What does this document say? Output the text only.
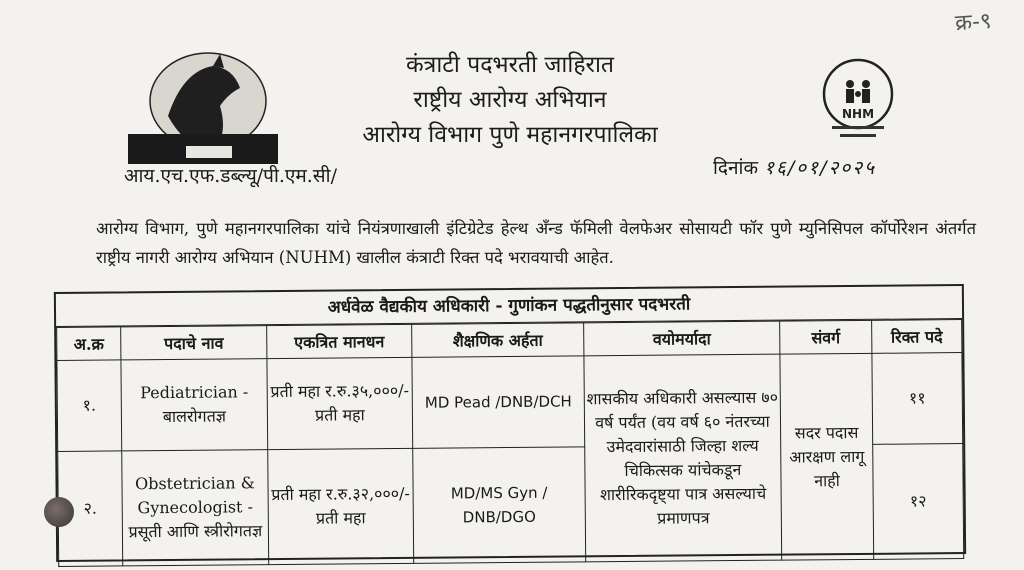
क्र-९
कंत्राटी पदभरती जाहिरात
राष्ट्रीय आरोग्य अभियान
आरोग्य विभाग पुणे महानगरपालिका
NHM
आय.एच.एफ.डब्ल्यू/पी.एम.सी/	दिनांक १६/०१/२०२५
आरोग्य विभाग, पुणे महानगरपालिका यांचे नियंत्रणाखाली इंटिग्रेटेड हेल्थ अँन्ड फॅमिली वेलफेअर सोसायटी फॉर पुणे म्युनिसिपल कॉर्पोरेशन अंतर्गत राष्ट्रीय नागरी आरोग्य अभियान (NUHM) खालील कंत्राटी रिक्त पदे भरावयाची आहेत.
अर्धवेळ वैद्यकीय अधिकारी - गुणांकन पद्धतीनुसार पदभरती
अ.क्र	पदाचे नाव	एकत्रित मानधन	शैक्षणिक अर्हता	वयोमर्यादा	संवर्ग	रिक्त पदे
१.	Pediatrician - बालरोगतज्ञ	प्रती महा र.रु.३५,०००/- प्रती महा	MD Pead /DNB/DCH	शासकीय अधिकारी असल्यास ७० वर्ष पर्यंत (वय वर्ष ६० नंतरच्या उमेदवारांसाठी जिल्हा शल्य चिकित्सक यांचेकडून शारीरिकदृष्ट्या पात्र असल्याचे प्रमाणपत्र	सदर पदास आरक्षण लागू नाही	११
२.	Obstetrician & Gynecologist - प्रसूती आणि स्त्रीरोगतज्ञ	प्रती महा र.रु.३२,०००/- प्रती महा	MD/MS Gyn / DNB/DGO			१२
